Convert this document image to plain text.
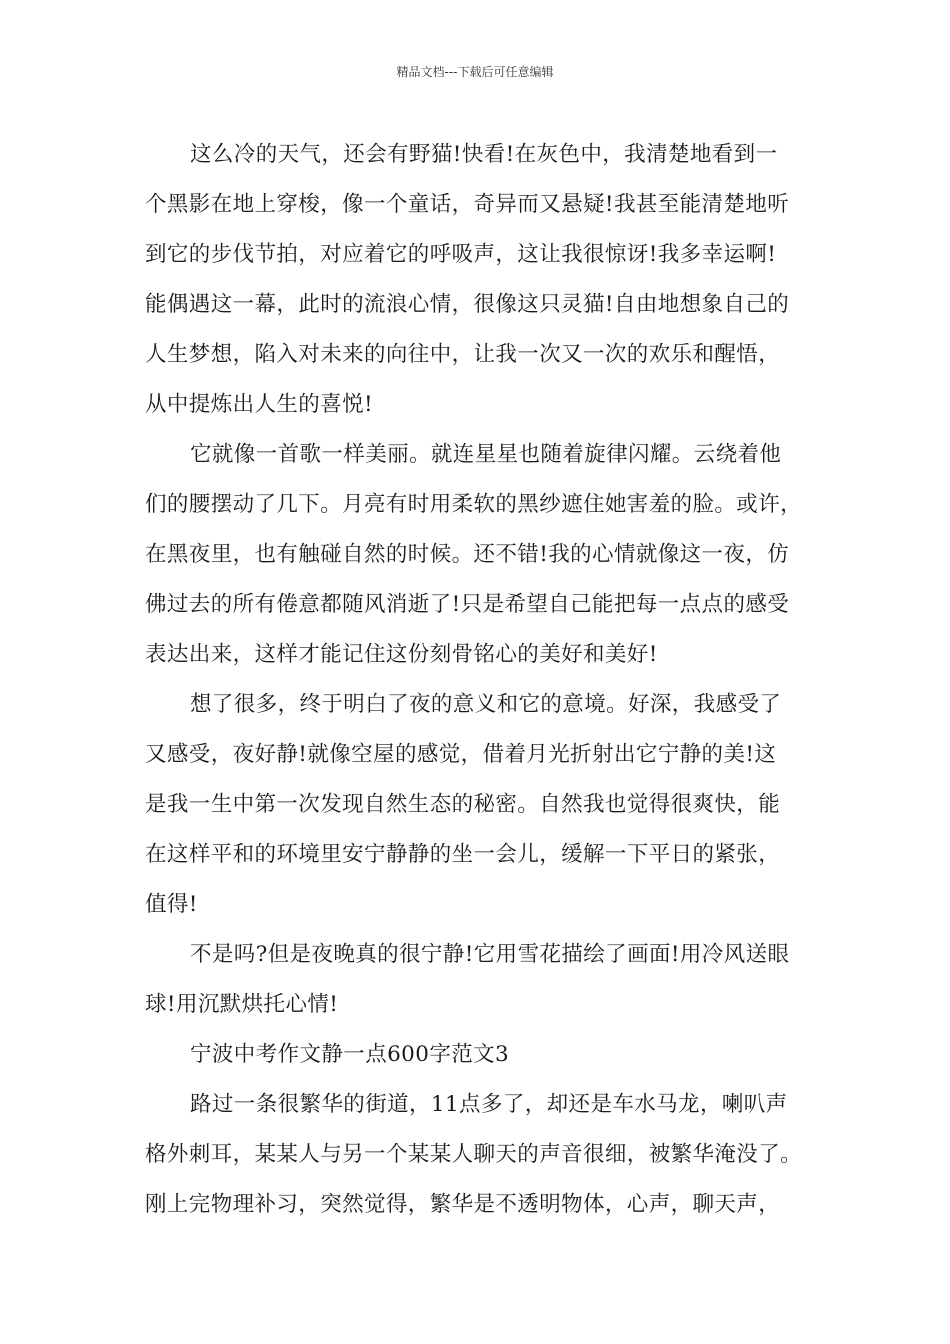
精品文档---下载后可任意编辑
这么冷的天气，还会有野猫!快看!在灰色中，我清楚地看到一
个黑影在地上穿梭，像一个童话，奇异而又悬疑!我甚至能清楚地听
到它的步伐节拍，对应着它的呼吸声，这让我很惊讶!我多幸运啊!
能偶遇这一幕，此时的流浪心情，很像这只灵猫!自由地想象自己的
人生梦想，陷入对未来的向往中，让我一次又一次的欢乐和醒悟，
从中提炼出人生的喜悦!
它就像一首歌一样美丽。就连星星也随着旋律闪耀。云绕着他
们的腰摆动了几下。月亮有时用柔软的黑纱遮住她害羞的脸。或许，
在黑夜里，也有触碰自然的时候。还不错!我的心情就像这一夜，仿
佛过去的所有倦意都随风消逝了!只是希望自己能把每一点点的感受
表达出来，这样才能记住这份刻骨铭心的美好和美好!
想了很多，终于明白了夜的意义和它的意境。好深，我感受了
又感受，夜好静!就像空屋的感觉，借着月光折射出它宁静的美!这
是我一生中第一次发现自然生态的秘密。自然我也觉得很爽快，能
在这样平和的环境里安宁静静的坐一会儿，缓解一下平日的紧张，
值得!
不是吗?但是夜晚真的很宁静!它用雪花描绘了画面!用冷风送眼
球!用沉默烘托心情!
宁波中考作文静一点600字范文3
路过一条很繁华的街道，11点多了，却还是车水马龙，喇叭声
格外刺耳，某某人与另一个某某人聊天的声音很细，被繁华淹没了。
刚上完物理补习，突然觉得，繁华是不透明物体，心声，聊天声，
